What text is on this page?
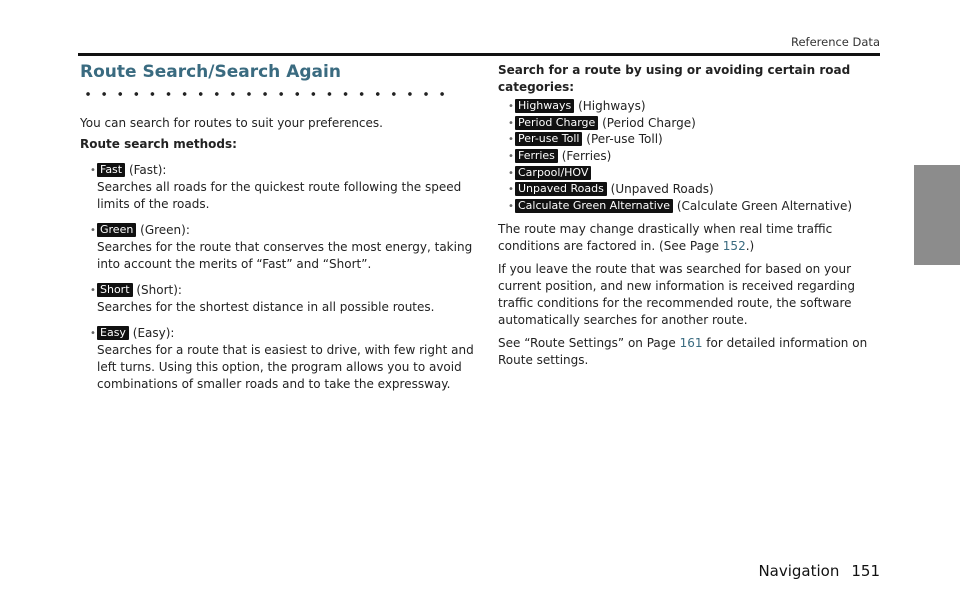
Reference Data
Route Search/Search Again

You can search for routes to suit your preferences.

Route search methods:

• Fast (Fast):
Searches all roads for the quickest route following the speed limits of the roads.
• Green (Green):
Searches for the route that conserves the most energy, taking into account the merits of “Fast” and “Short”.
• Short (Short):
Searches for the shortest distance in all possible routes.
• Easy (Easy):
Searches for a route that is easiest to drive, with few right and left turns. Using this option, the program allows you to avoid combinations of smaller roads and to take the expressway.

Search for a route by using or avoiding certain road categories:

• Highways (Highways)
• Period Charge (Period Charge)
• Per-use Toll (Per-use Toll)
• Ferries (Ferries)
• Carpool/HOV
• Unpaved Roads (Unpaved Roads)
• Calculate Green Alternative (Calculate Green Alternative)

The route may change drastically when real time traffic conditions are factored in. (See Page 152.)

If you leave the route that was searched for based on your current position, and new information is received regarding traffic conditions for the recommended route, the software automatically searches for another route.

See “Route Settings” on Page 161 for detailed information on Route settings.

Navigation 151
